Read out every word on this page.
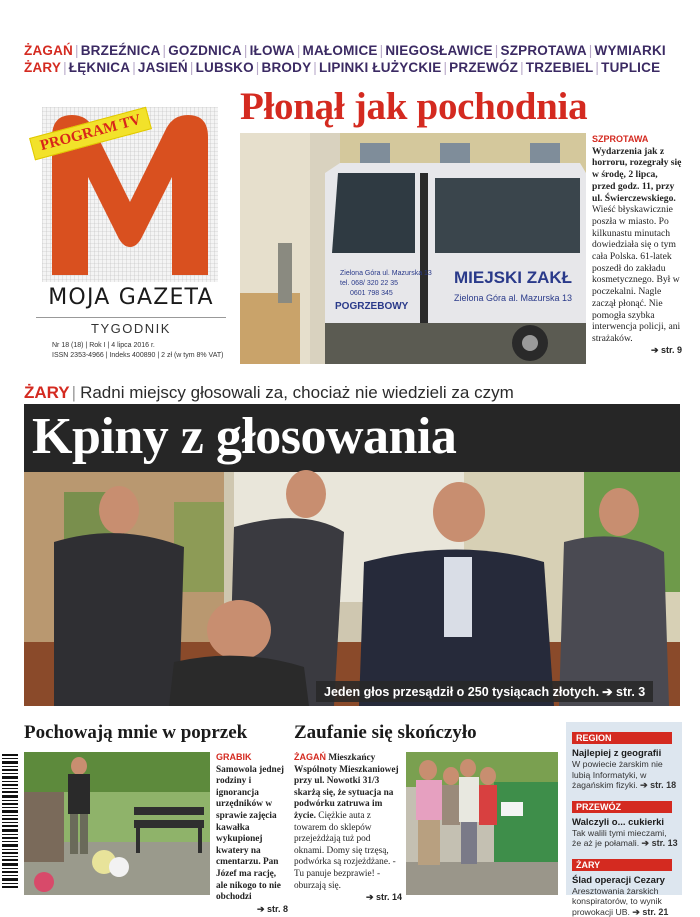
ŻAGAŃ | BRZEŹNICA | GOZDNICA | IŁOWA | MAŁOMICE | NIEGOSŁAWICE | SZPROTAWA | WYMIARKI
ŻARY | ŁĘKNICA | JASIEŃ | LUBSKO | BRODY | LIPINKI ŁUŻYCKIE | PRZEWÓZ | TRZEBIEL | TUPLICE
PROGRAM TV
MOJA GAZETA
TYGODNIK
Nr 18 (18) | Rok I | 4 lipca 2016 r.
ISSN 2353-4966 | Indeks 400890 | 2 zł (w tym 8% VAT)
Płonął jak pochodnia
Zielona Góra ul. Mazurska 13
tel. 068/ 320 22 35
0601 798 345
POGRZEBOWY
MIEJSKI ZAKŁ
Zielona Góra al. Mazurska 13
SZPROTAWA
Wydarzenia jak z horroru, rozegrały się w środę, 2 lipca, przed godz. 11, przy ul. Świerczewskiego. Wieść błyskawicznie poszła w miasto. Po kilkunastu minutach dowiedziała się o tym cała Polska. 61-latek poszedł do zakładu kosmetycznego. Był w poczekalni. Nagle zaczął płonąć. Nie pomogła szybka interwencja policji, ani strażaków.
➔ str. 9
ŻARY | Radni miejscy głosowali za, chociaż nie wiedzieli za czym
Kpiny z głosowania
Jeden głos przesądził o 250 tysiącach złotych. ➔ str. 3
Pochowają mnie w poprzek
GRABIK Samowola jednej rodziny i ignorancja urzędników w sprawie zajęcia kawałka wykupionej kwatery na cmentarzu. Pan Józef ma rację, ale nikogo to nie obchodzi
➔ str. 8
Zaufanie się skończyło
ŻAGAŃ Mieszkańcy Wspólnoty Mieszkaniowej przy ul. Nowotki 31/3 skarżą się, że sytuacja na podwórku zatruwa im życie. Ciężkie auta z towarem do sklepów przejeżdżają tuż pod oknami. Domy się trzęsą, podwórka są rozjeżdżane. - Tu panuje bezprawie! - oburzają się.
➔ str. 14
REGION
Najlepiej z geografii
W powiecie żarskim nie lubią Informatyki, w żagańskim fizyki. ➔ str. 18
PRZEWÓZ
Walczyli o... cukierki
Tak walili tymi mieczami, że aż je połamali. ➔ str. 13
ŻARY
Ślad operacji Cezary
Aresztowania żarskich konspiratorów, to wynik prowokacji UB. ➔ str. 21
